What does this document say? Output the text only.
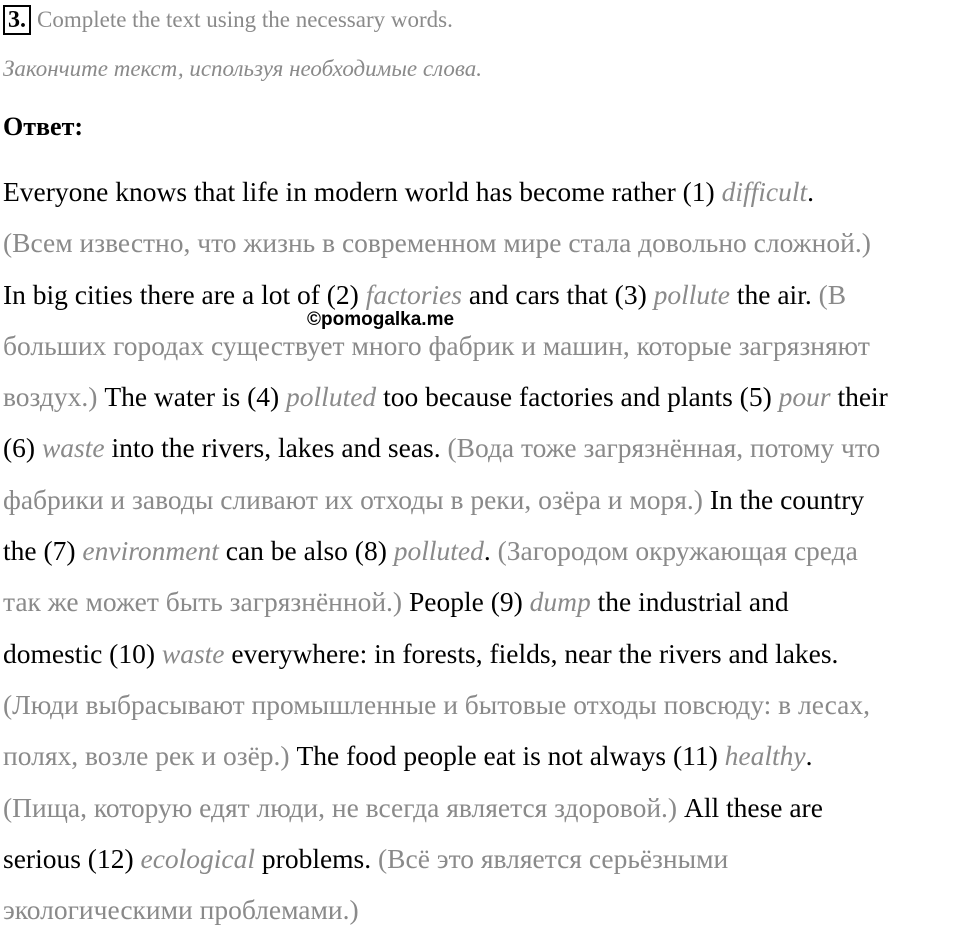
3. Complete the text using the necessary words.
Закончите текст, используя необходимые слова.
Ответ:
Everyone knows that life in modern world has become rather (1) difficult.
(Всем известно, что жизнь в современном мире стала довольно сложной.)
In big cities there are a lot of (2) factories and cars that (3) pollute the air. (В
больших городах существует много фабрик и машин, которые загрязняют
воздух.) The water is (4) polluted too because factories and plants (5) pour their
(6) waste into the rivers, lakes and seas. (Вода тоже загрязнённая, потому что
фабрики и заводы сливают их отходы в реки, озёра и моря.) In the country
the (7) environment can be also (8) polluted. (Загородом окружающая среда
так же может быть загрязнённой.) People (9) dump the industrial and
domestic (10) waste everywhere: in forests, fields, near the rivers and lakes.
(Люди выбрасывают промышленные и бытовые отходы повсюду: в лесах,
полях, возле рек и озёр.) The food people eat is not always (11) healthy.
(Пища, которую едят люди, не всегда является здоровой.) All these are
serious (12) ecological problems. (Всё это является серьёзными
экологическими проблемами.)
©pomogalka.me
